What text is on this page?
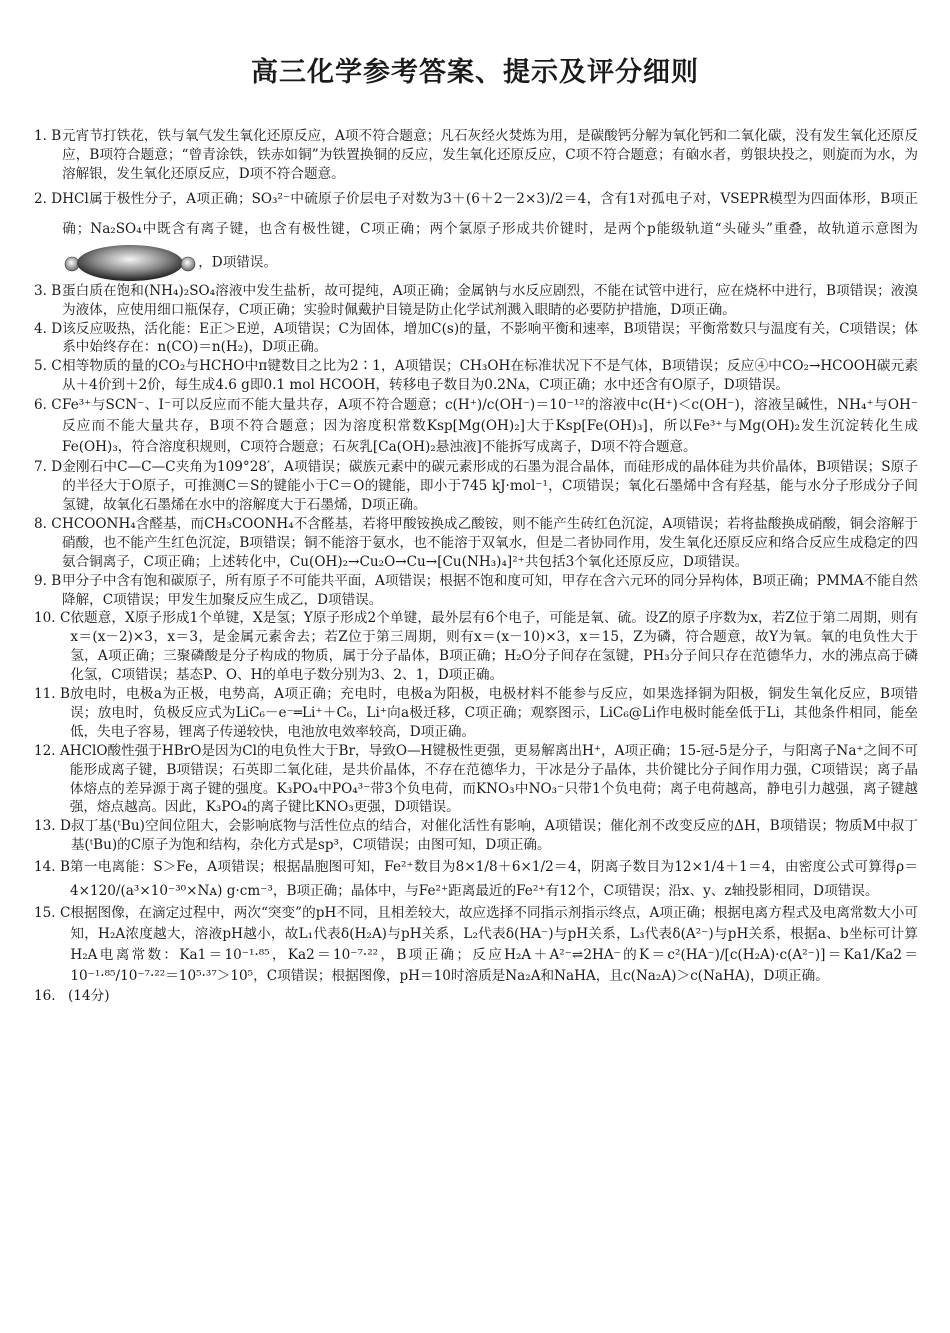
高三化学参考答案、提示及评分细则
1. B 元宵节打铁花，铁与氧气发生氧化还原反应，A项不符合题意；凡石灰经火焚炼为用，是碳酸钙分解为氧化钙和二氧化碳，没有发生氧化还原反应，B项符合题意；“曾青涂铁，铁赤如铜”为铁置换铜的反应，发生氧化还原反应，C项不符合题意；有硇水者，剪银块投之，则旋而为水，为溶解银，发生氧化还原反应，D项不符合题意。
2. D HCl属于极性分子，A项正确；SO₃²⁻中硫原子价层电子对数为3＋(6＋2－2×3)/2＝4，含有1对孤电子对，VSEPR模型为四面体形，B项正确；Na₂SO₄中既含有离子键，也含有极性键，C项正确；两个氯原子形成共价键时，是两个p能级轨道“头碰头”重叠，故轨道示意图为，D项错误。
3. B 蛋白质在饱和(NH₄)₂SO₄溶液中发生盐析，故可提纯，A项正确；金属钠与水反应剧烈，不能在试管中进行，应在烧杯中进行，B项错误；液溴为液体，应使用细口瓶保存，C项正确；实验时佩戴护目镜是防止化学试剂溅入眼睛的必要防护措施，D项正确。
4. D 该反应吸热，活化能：E正＞E逆，A项错误；C为固体，增加C(s)的量，不影响平衡和速率，B项错误；平衡常数只与温度有关，C项错误；体系中始终存在：n(CO)＝n(H₂)，D项正确。
5. C 相等物质的量的CO₂与HCHO中π键数目之比为2∶1，A项错误；CH₃OH在标准状况下不是气体，B项错误；反应④中CO₂→HCOOH碳元素从＋4价到＋2价，每生成4.6 g即0.1 mol HCOOH，转移电子数目为0.2Nᴀ，C项正确；水中还含有O原子，D项错误。
6. C Fe³⁺与SCN⁻、I⁻可以反应而不能大量共存，A项不符合题意；c(H⁺)/c(OH⁻)＝10⁻¹²的溶液中c(H⁺)＜c(OH⁻)，溶液呈碱性，NH₄⁺与OH⁻反应而不能大量共存，B项不符合题意；因为溶度积常数Ksp[Mg(OH)₂]大于Ksp[Fe(OH)₃]，所以Fe³⁺与Mg(OH)₂发生沉淀转化生成Fe(OH)₃，符合溶度积规则，C项符合题意；石灰乳[Ca(OH)₂悬浊液]不能拆写成离子，D项不符合题意。
7. D 金刚石中C—C—C夹角为109°28′，A项错误；碳族元素中的碳元素形成的石墨为混合晶体，而硅形成的晶体硅为共价晶体，B项错误；S原子的半径大于O原子，可推测C＝S的键能小于C＝O的键能，即小于745 kJ·mol⁻¹，C项错误；氧化石墨烯中含有羟基，能与水分子形成分子间氢键，故氧化石墨烯在水中的溶解度大于石墨烯，D项正确。
8. C HCOONH₄含醛基，而CH₃COONH₄不含醛基，若将甲酸铵换成乙酸铵，则不能产生砖红色沉淀，A项错误；若将盐酸换成硝酸，铜会溶解于硝酸，也不能产生红色沉淀，B项错误；铜不能溶于氨水，也不能溶于双氧水，但是二者协同作用，发生氧化还原反应和络合反应生成稳定的四氨合铜离子，C项正确；上述转化中，Cu(OH)₂→Cu₂O→Cu→[Cu(NH₃)₄]²⁺共包括3个氧化还原反应，D项错误。
9. B 甲分子中含有饱和碳原子，所有原子不可能共平面，A项错误；根据不饱和度可知，甲存在含六元环的同分异构体，B项正确；PMMA不能自然降解，C项错误；甲发生加聚反应生成乙，D项错误。
10. C 依题意，X原子形成1个单键，X是氢；Y原子形成2个单键，最外层有6个电子，可能是氧、硫。设Z的原子序数为x，若Z位于第二周期，则有x＝(x－2)×3，x＝3，是金属元素舍去；若Z位于第三周期，则有x＝(x－10)×3，x＝15，Z为磷，符合题意，故Y为氧。氧的电负性大于氢，A项正确；三聚磷酸是分子构成的物质，属于分子晶体，B项正确；H₂O分子间存在氢键，PH₃分子间只存在范德华力，水的沸点高于磷化氢，C项错误；基态P、O、H的单电子数分别为3、2、1，D项正确。
11. B 放电时，电极a为正极，电势高，A项正确；充电时，电极a为阳极，电极材料不能参与反应，如果选择铜为阳极，铜发生氧化反应，B项错误；放电时，负极反应式为LiC₆－e⁻═Li⁺＋C₆，Li⁺向a极迁移，C项正确；观察图示，LiC₆@Li作电极时能垒低于Li，其他条件相同，能垒低，失电子容易，锂离子传递较快，电池放电效率较高，D项正确。
12. A HClO酸性强于HBrO是因为Cl的电负性大于Br，导致O—H键极性更强，更易解离出H⁺，A项正确；15-冠-5是分子，与阳离子Na⁺之间不可能形成离子键，B项错误；石英即二氧化硅，是共价晶体，不存在范德华力，干冰是分子晶体，共价键比分子间作用力强，C项错误；离子晶体熔点的差异源于离子键的强度。K₃PO₄中PO₄³⁻带3个负电荷，而KNO₃中NO₃⁻只带1个负电荷；离子电荷越高，静电引力越强，离子键越强，熔点越高。因此，K₃PO₄的离子键比KNO₃更强，D项错误。
13. D 叔丁基(ᵗBu)空间位阻大，会影响底物与活性位点的结合，对催化活性有影响，A项错误；催化剂不改变反应的ΔH，B项错误；物质M中叔丁基(ᵗBu)的C原子为饱和结构，杂化方式是sp³，C项错误；由图可知，D项正确。
14. B 第一电离能：S＞Fe，A项错误；根据晶胞图可知，Fe²⁺数目为8×1/8＋6×1/2＝4，阴离子数目为12×1/4＋1＝4，由密度公式可算得ρ＝4×120/(a³×10⁻³⁰×Nᴀ) g·cm⁻³，B项正确；晶体中，与Fe²⁺距离最近的Fe²⁺有12个，C项错误；沿x、y、z轴投影相同，D项错误。
15. C 根据图像，在滴定过程中，两次“突变”的pH不同，且相差较大，故应选择不同指示剂指示终点，A项正确；根据电离方程式及电离常数大小可知，H₂A浓度越大，溶液pH越小，故L₁代表δ(H₂A)与pH关系，L₂代表δ(HA⁻)与pH关系，L₃代表δ(A²⁻)与pH关系，根据a、b坐标可计算H₂A电离常数：Ka1＝10⁻¹·⁸⁵，Ka2＝10⁻⁷·²²，B项正确；反应H₂A＋A²⁻⇌2HA⁻的K＝c²(HA⁻)/[c(H₂A)·c(A²⁻)]＝Ka1/Ka2＝10⁻¹·⁸⁵/10⁻⁷·²²＝10⁵·³⁷＞10⁵，C项错误；根据图像，pH＝10时溶质是Na₂A和NaHA，且c(Na₂A)＞c(NaHA)，D项正确。
16. (14分)
